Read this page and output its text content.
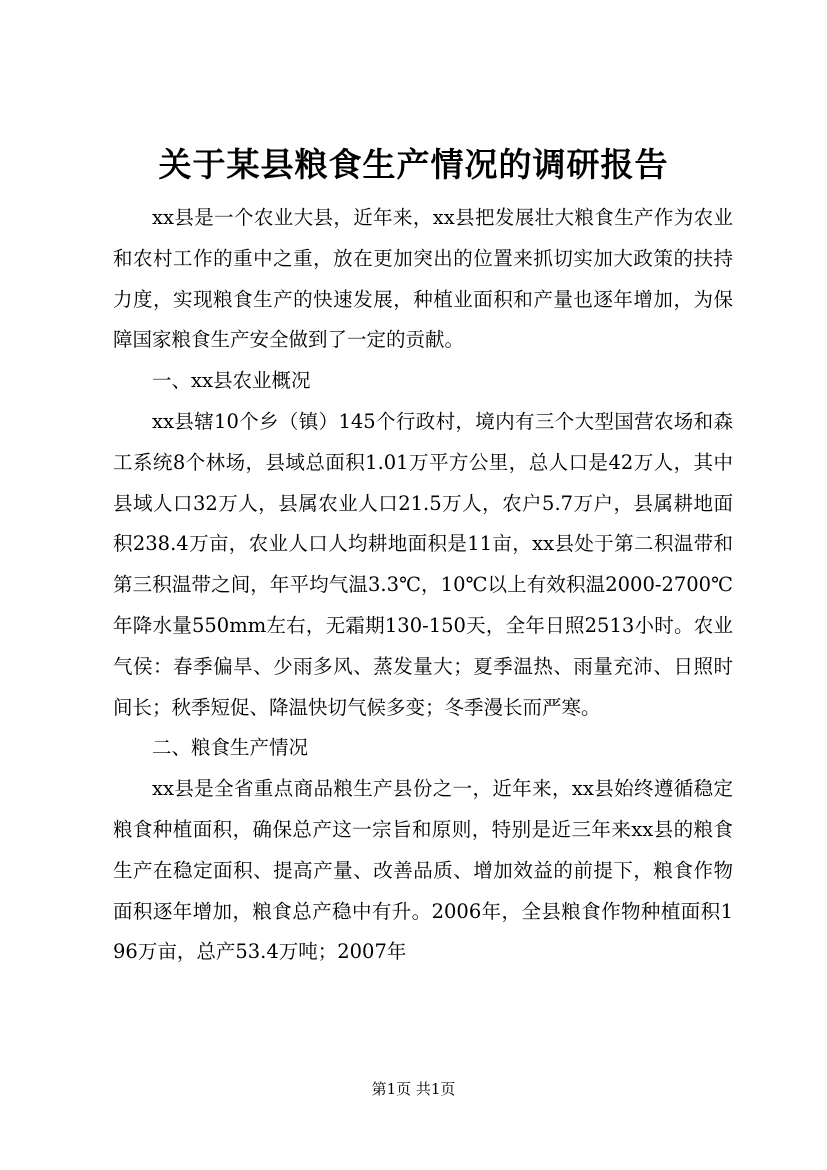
关于某县粮食生产情况的调研报告

xx县是一个农业大县，近年来，xx县把发展壮大粮食生产作为农业和农村工作的重中之重，放在更加突出的位置来抓切实加大政策的扶持力度，实现粮食生产的快速发展，种植业面积和产量也逐年增加，为保障国家粮食生产安全做到了一定的贡献。

一、xx县农业概况

xx县辖10个乡（镇）145个行政村，境内有三个大型国营农场和森工系统8个林场，县域总面积1.01万平方公里，总人口是42万人，其中县域人口32万人，县属农业人口21.5万人，农户5.7万户，县属耕地面积238.4万亩，农业人口人均耕地面积是11亩，xx县处于第二积温带和第三积温带之间，年平均气温3.3℃，10℃以上有效积温2000-2700℃年降水量550mm左右，无霜期130-150天，全年日照2513小时。农业气侯：春季偏旱、少雨多风、蒸发量大；夏季温热、雨量充沛、日照时间长；秋季短促、降温快切气候多变；冬季漫长而严寒。

二、粮食生产情况

xx县是全省重点商品粮生产县份之一，近年来，xx县始终遵循稳定粮食种植面积，确保总产这一宗旨和原则，特别是近三年来xx县的粮食生产在稳定面积、提高产量、改善品质、增加效益的前提下，粮食作物面积逐年增加，粮食总产稳中有升。2006年，全县粮食作物种植面积196万亩，总产53.4万吨；2007年

第1页 共1页
